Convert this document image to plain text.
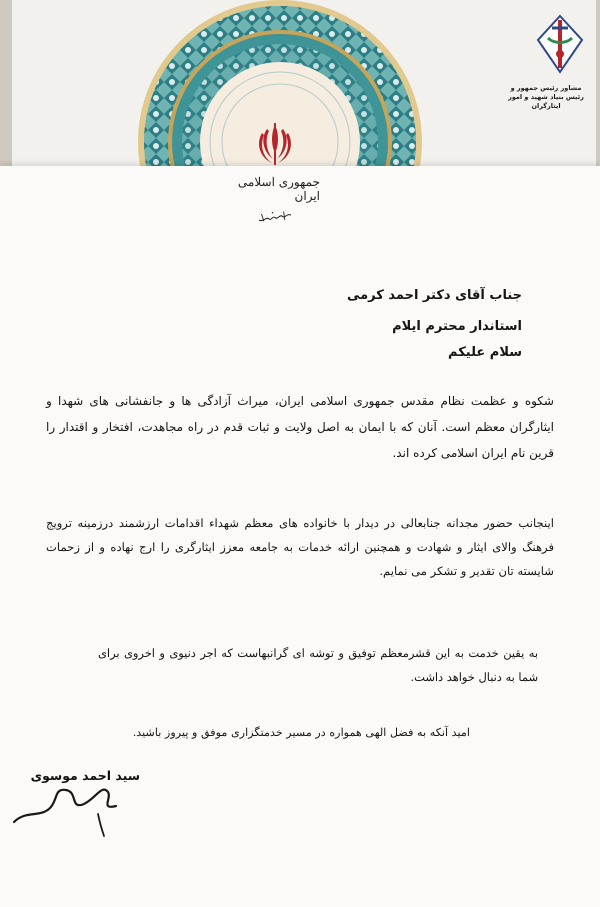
جمهوری اسلامی ایران
مشاور رئیس جمهور و
رئیس بنیاد شهید و امور ایثارگران
جناب آقای دکتر احمد کرمی
استاندار محترم ایلام
سلام علیکم
شکوه و عظمت نظام مقدس جمهوری اسلامی ایران، میراث آزادگی ها و جانفشانی های شهدا و ایثارگران معظم است. آنان که با ایمان به اصل ولایت و ثبات قدم در راه مجاهدت، افتخار و اقتدار را قرین نام ایران اسلامی کرده اند.
اینجانب حضور مجدانه جنابعالی در دیدار با خانواده های معظم شهداء اقدامات ارزشمند درزمینه ترویج فرهنگ والای ایثار و شهادت و همچنین ارائه خدمات به جامعه معزز ایثارگری را ارج نهاده و از زحمات شایسته تان تقدیر و تشکر می نمایم.
به یقین خدمت به این قشرمعظم توفیق و توشه ای گرانبهاست که اجر دنیوی و اخروی برای شما به دنبال خواهد داشت.
امید آنکه به فضل الهی همواره در مسیر خدمتگزاری موفق و پیروز باشید.
سید احمد موسوی
